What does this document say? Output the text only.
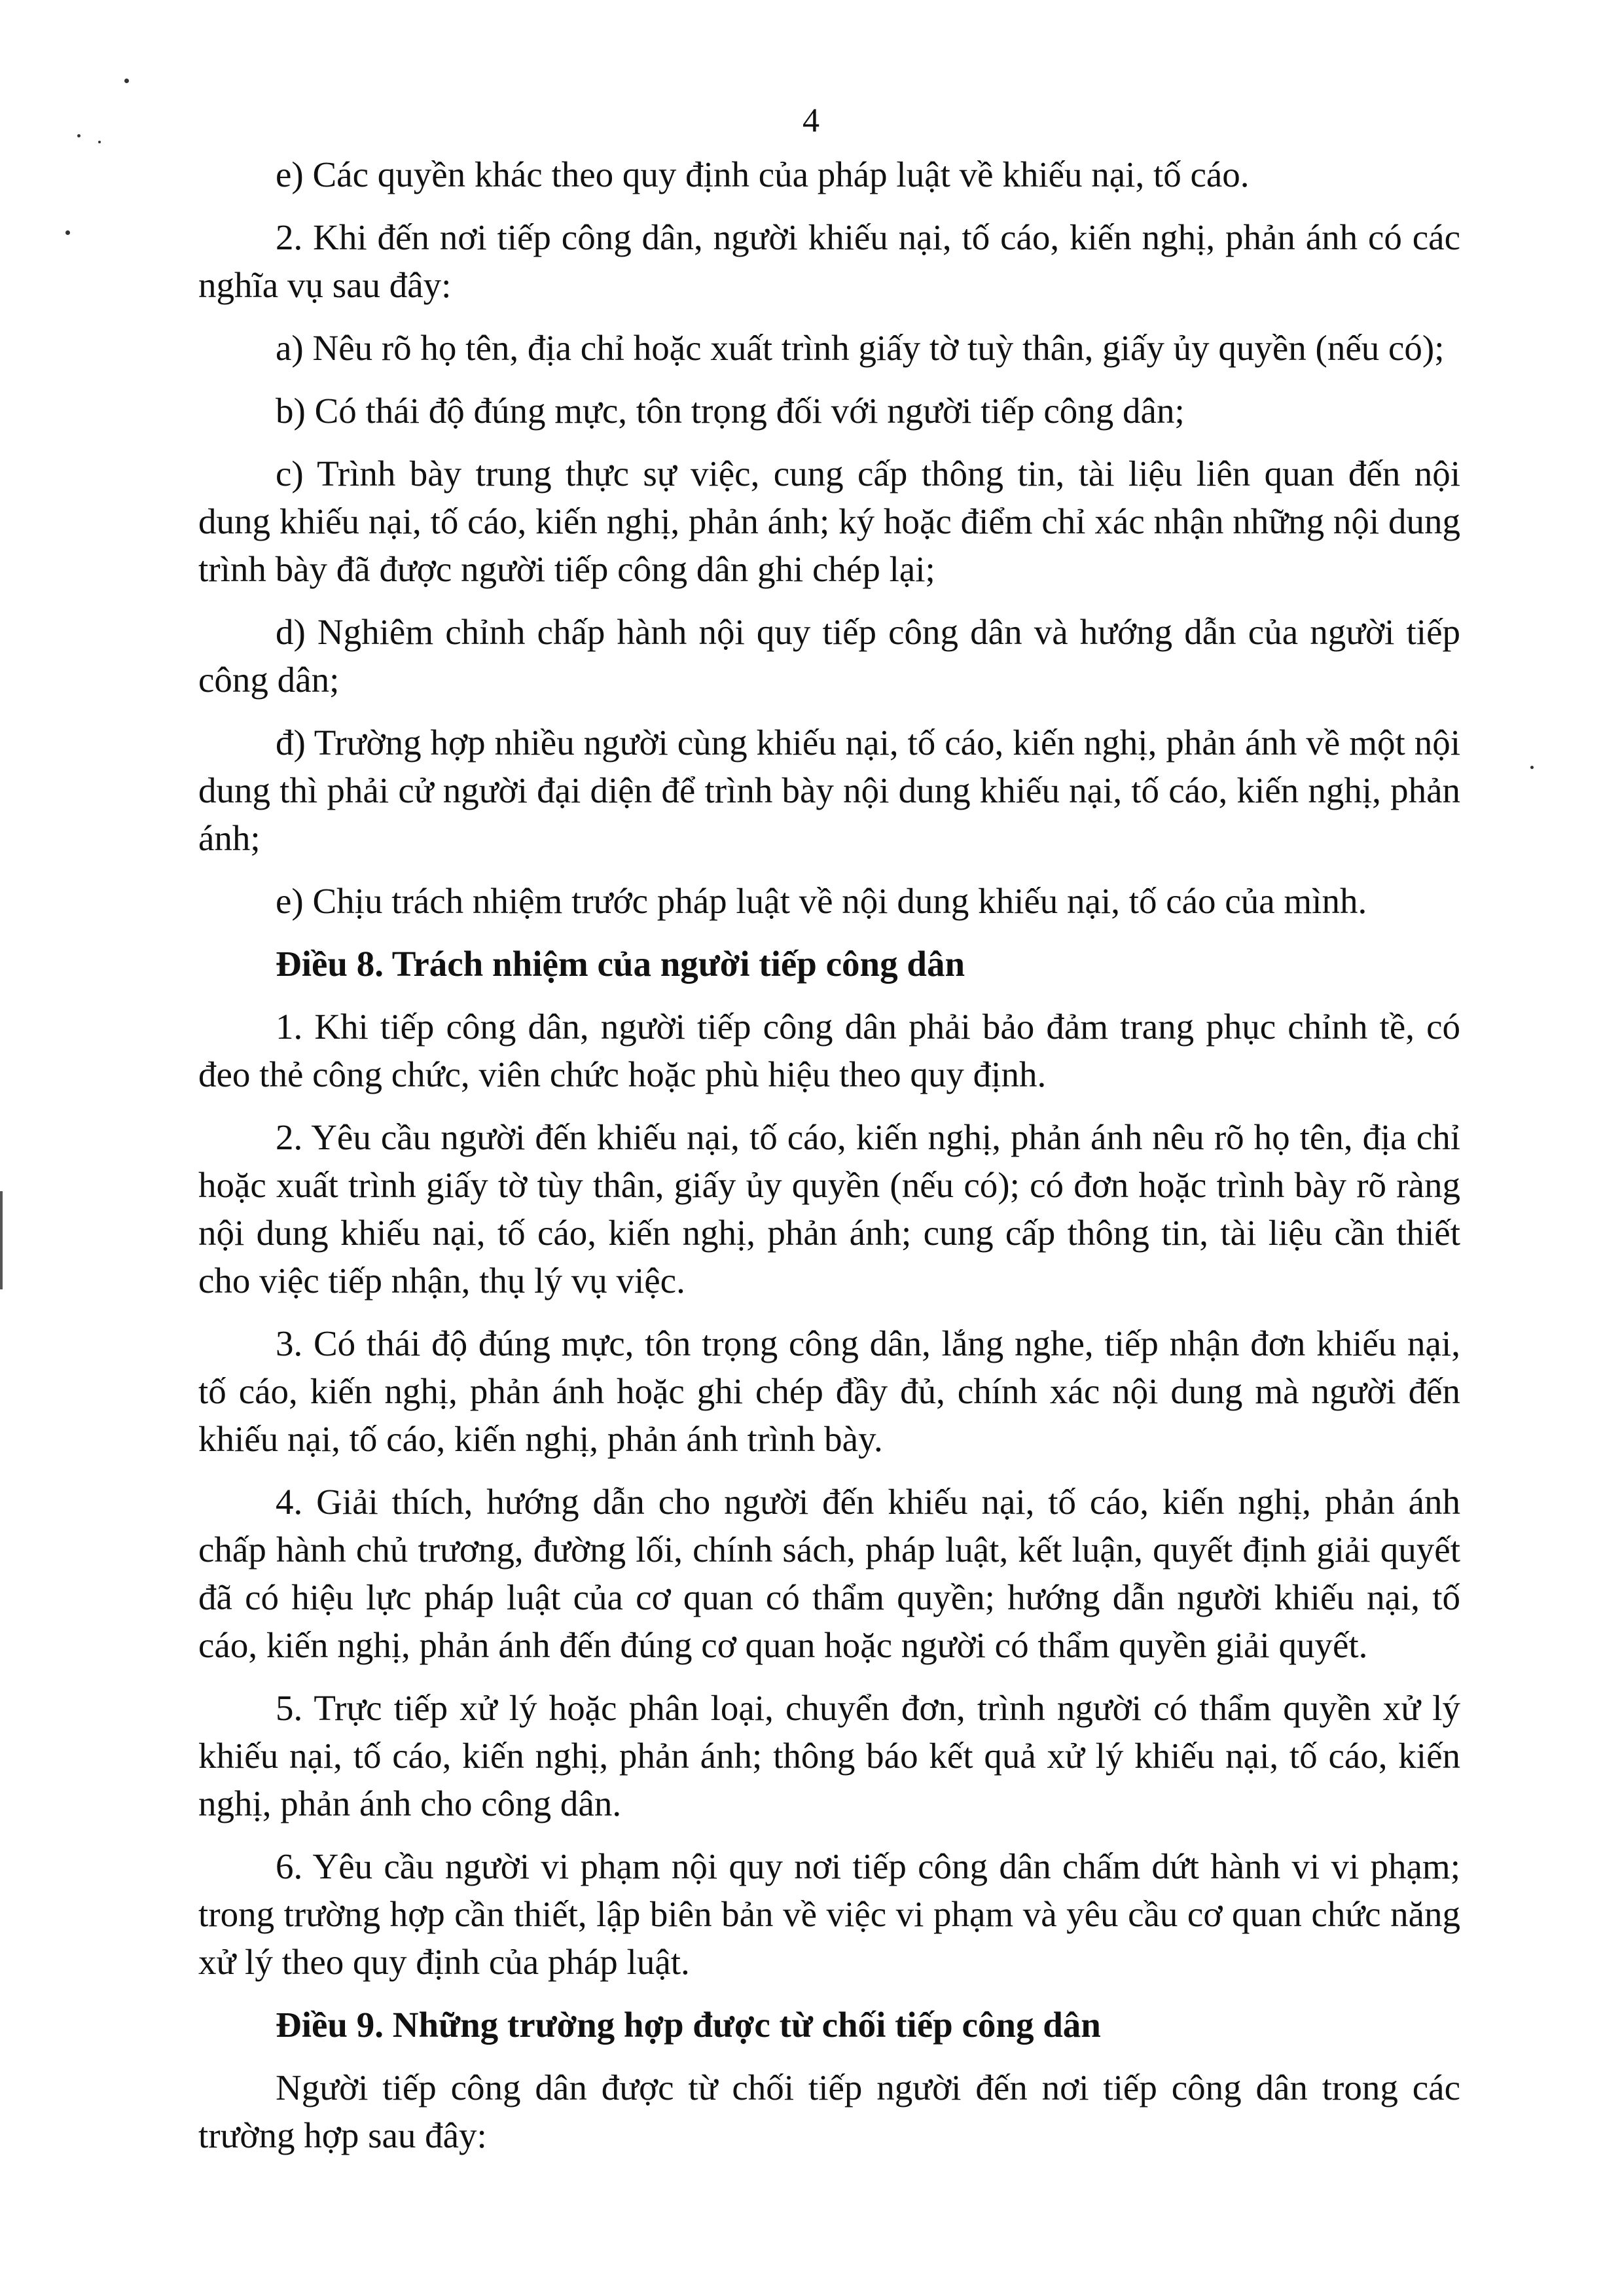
4

e) Các quyền khác theo quy định của pháp luật về khiếu nại, tố cáo.

2. Khi đến nơi tiếp công dân, người khiếu nại, tố cáo, kiến nghị, phản ánh có các nghĩa vụ sau đây:

a) Nêu rõ họ tên, địa chỉ hoặc xuất trình giấy tờ tuỳ thân, giấy ủy quyền (nếu có);

b) Có thái độ đúng mực, tôn trọng đối với người tiếp công dân;

c) Trình bày trung thực sự việc, cung cấp thông tin, tài liệu liên quan đến nội dung khiếu nại, tố cáo, kiến nghị, phản ánh; ký hoặc điểm chỉ xác nhận những nội dung trình bày đã được người tiếp công dân ghi chép lại;

d) Nghiêm chỉnh chấp hành nội quy tiếp công dân và hướng dẫn của người tiếp công dân;

đ) Trường hợp nhiều người cùng khiếu nại, tố cáo, kiến nghị, phản ánh về một nội dung thì phải cử người đại diện để trình bày nội dung khiếu nại, tố cáo, kiến nghị, phản ánh;

e) Chịu trách nhiệm trước pháp luật về nội dung khiếu nại, tố cáo của mình.

Điều 8. Trách nhiệm của người tiếp công dân

1. Khi tiếp công dân, người tiếp công dân phải bảo đảm trang phục chỉnh tề, có đeo thẻ công chức, viên chức hoặc phù hiệu theo quy định.

2. Yêu cầu người đến khiếu nại, tố cáo, kiến nghị, phản ánh nêu rõ họ tên, địa chỉ hoặc xuất trình giấy tờ tùy thân, giấy ủy quyền (nếu có); có đơn hoặc trình bày rõ ràng nội dung khiếu nại, tố cáo, kiến nghị, phản ánh; cung cấp thông tin, tài liệu cần thiết cho việc tiếp nhận, thụ lý vụ việc.

3. Có thái độ đúng mực, tôn trọng công dân, lắng nghe, tiếp nhận đơn khiếu nại, tố cáo, kiến nghị, phản ánh hoặc ghi chép đầy đủ, chính xác nội dung mà người đến khiếu nại, tố cáo, kiến nghị, phản ánh trình bày.

4. Giải thích, hướng dẫn cho người đến khiếu nại, tố cáo, kiến nghị, phản ánh chấp hành chủ trương, đường lối, chính sách, pháp luật, kết luận, quyết định giải quyết đã có hiệu lực pháp luật của cơ quan có thẩm quyền; hướng dẫn người khiếu nại, tố cáo, kiến nghị, phản ánh đến đúng cơ quan hoặc người có thẩm quyền giải quyết.

5. Trực tiếp xử lý hoặc phân loại, chuyển đơn, trình người có thẩm quyền xử lý khiếu nại, tố cáo, kiến nghị, phản ánh; thông báo kết quả xử lý khiếu nại, tố cáo, kiến nghị, phản ánh cho công dân.

6. Yêu cầu người vi phạm nội quy nơi tiếp công dân chấm dứt hành vi vi phạm; trong trường hợp cần thiết, lập biên bản về việc vi phạm và yêu cầu cơ quan chức năng xử lý theo quy định của pháp luật.

Điều 9. Những trường hợp được từ chối tiếp công dân

Người tiếp công dân được từ chối tiếp người đến nơi tiếp công dân trong các trường hợp sau đây:
